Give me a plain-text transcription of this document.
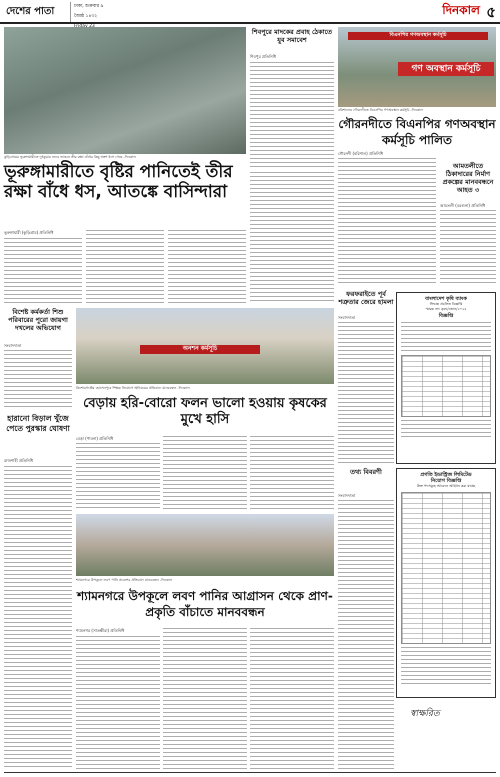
দেশের পাতা	ঢাকা, শুক্রবার ৯ জ্যৈষ্ঠ ১৪৩২	দিনকাল ৫
কুড়িগ্রামের ভূরুঙ্গামারীতে দুধকুমার নদের ভাঙনে তীর রক্ষা বাঁধের কিছু অংশ ধসে গেছে -দিনকাল
শিবপুরে মাদকের প্রবাহ ঠেকাতে যুব সমাবেশ
শিবপুর প্রতিনিধি
বিএনপির গণঅবস্থান কর্মসূচি
গণ অবস্থান কর্মসূচি
বরিশালের গৌরনদীতে বিএনপির গণঅবস্থান কর্মসূচি -দিনকাল
গৌরনদীতে বিএনপির গণঅবস্থান কর্মসূচি পালিত
গৌরনদী (বরিশাল) প্রতিনিধি
আমতলীতে ঠিকাদারের নির্মাণ প্রকল্পের মানববন্ধনে আহত ৩
আমতলী (বরগুনা) প্রতিনিধি
ভূরুঙ্গামারীতে বৃষ্টির পানিতেই তীর রক্ষা বাঁধে ধস, আতঙ্কে বাসিন্দারা
ভূরুঙ্গামারী (কুড়িগ্রাম) প্রতিনিধি
বিশেষ্ট কর্মকর্তা শিশু পরিবারের পুরো জায়গা দখলের অভিযোগ
সংবাদদাতা	অনশন কর্মসূচি
কিশোরগঞ্জের হোসেনপুরে শিক্ষক নিয়োগে অনিয়মের প্রতিবাদে মানববন্ধন -দিনকাল
বেড়ায় হরি-বোরো ফলন ভালো হওয়ায় কৃষকের মুখে হাসি
বেড়া (পাবনা) প্রতিনিধি
ফরফরাইতে পূর্ব শত্রুতার জেরে হামলা
সংবাদদাতা
বাংলাদেশ কৃষি ব্যাংক
সিদ্ধান্ত প্রচলিত বিজ্ঞপ্তি
স্মারক নং: কৃব্যা/জোন/২০২৫
বিজ্ঞপ্তি
হারানো বিড়াল খুঁজে পেতে পুরস্কার ঘোষণা
রাজশাহী প্রতিনিধি
শ্যামনগরে উপকূলে লবণ পানি প্রবেশের প্রতিবাদে মানববন্ধন -দিনকাল
শ্যামনগরে উপকূলে লবণ পানির আগ্রাসন থেকে প্রাণ-প্রকৃতি বাঁচাতে মানববন্ধন
শ্যামনগর (সাতক্ষীরা) প্রতিনিধি
তথ্য বিবরণী
সংবাদদাতা
প্রগতি ইন্ডাস্ট্রিজ লিমিটেড
নিয়োগ বিজ্ঞপ্তি
উক্ত পদসমূহে আবেদন আহ্বান করা যাচ্ছে
স্বাক্ষরিত
